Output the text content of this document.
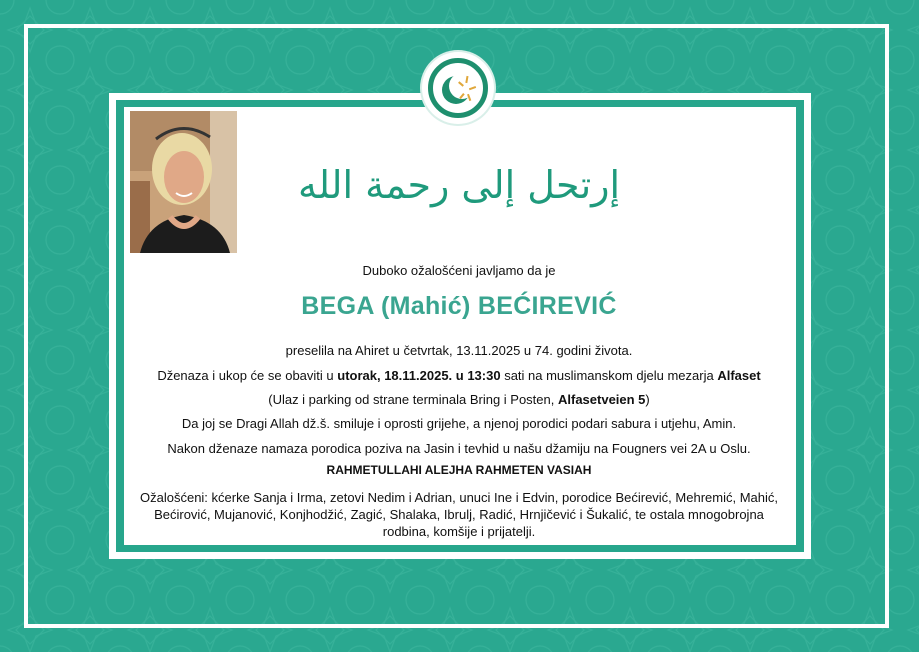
إرتحل إلى رحمة الله
Duboko ožalošćeni javljamo da je
BEGA (Mahić) BEĆIREVIĆ
preselila na Ahiret u četvrtak, 13.11.2025 u 74. godini života.
Dženaza i ukop će se obaviti u utorak, 18.11.2025. u 13:30 sati na muslimanskom djelu mezarja Alfaset
(Ulaz i parking od strane terminala Bring i Posten, Alfasetveien 5)
Da joj se Dragi Allah dž.š. smiluje i oprosti grijehe, a njenoj porodici podari sabura i utjehu, Amin.
Nakon dženaze namaza porodica poziva na Jasin i tevhid u našu džamiju na Fougners vei 2A u Oslu.
RAHMETULLAHI ALEJHA RAHMETEN VASIAH
Ožalošćeni: kćerke Sanja i Irma, zetovi Nedim i Adrian, unuci Ine i Edvin, porodice Bećirević, Mehremić, Mahić, Bećirović, Mujanović, Konjhodžić, Zagić, Shalaka, Ibrulj, Radić, Hrnjičević i Šukalić, te ostala mnogobrojna rodbina, komšije i prijatelji.
